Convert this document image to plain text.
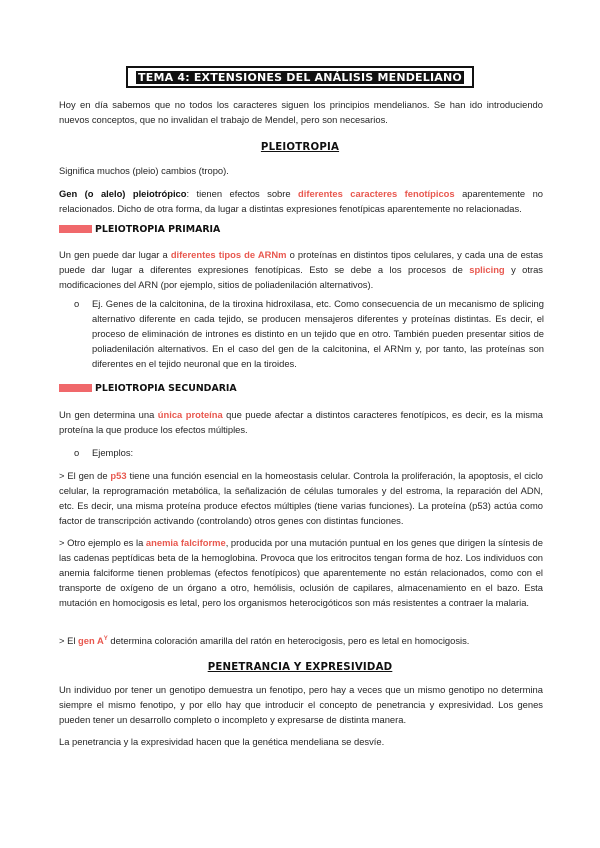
TEMA 4: EXTENSIONES DEL ANÁLISIS MENDELIANO

Hoy en día sabemos que no todos los caracteres siguen los principios mendelianos. Se han ido introduciendo nuevos conceptos, que no invalidan el trabajo de Mendel, pero son necesarios.

PLEIOTROPIA

Significa muchos (pleio) cambios (tropo).

Gen (o alelo) pleiotrópico: tienen efectos sobre diferentes caracteres fenotípicos aparentemente no relacionados. Dicho de otra forma, da lugar a distintas expresiones fenotípicas aparentemente no relacionadas.

PLEIOTROPIA PRIMARIA

Un gen puede dar lugar a diferentes tipos de ARNm o proteínas en distintos tipos celulares, y cada una de estas puede dar lugar a diferentes expresiones fenotípicas. Esto se debe a los procesos de splicing y otras modificaciones del ARN (por ejemplo, sitios de poliadenilación alternativos).

o Ej. Genes de la calcitonina, de la tiroxina hidroxilasa, etc. Como consecuencia de un mecanismo de splicing alternativo diferente en cada tejido, se producen mensajeros diferentes y proteínas distintas. Es decir, el proceso de eliminación de intrones es distinto en un tejido que en otro. También pueden presentar sitios de poliadenilación alternativos. En el caso del gen de la calcitonina, el ARNm y, por tanto, las proteínas son diferentes en el tejido neuronal que en la tiroides.
PLEIOTROPIA SECUNDARIA

Un gen determina una única proteína que puede afectar a distintos caracteres fenotípicos, es decir, es la misma proteína la que produce los efectos múltiples.

o Ejemplos:

> El gen de p53 tiene una función esencial en la homeostasis celular. Controla la proliferación, la apoptosis, el ciclo celular, la reprogramación metabólica, la señalización de células tumorales y del estroma, la reparación del ADN, etc. Es decir, una misma proteína produce efectos múltiples (tiene varias funciones). La proteína (p53) actúa como factor de transcripción activando (controlando) otros genes con distintas funciones.

> Otro ejemplo es la anemia falciforme, producida por una mutación puntual en los genes que dirigen la síntesis de las cadenas peptídicas beta de la hemoglobina. Provoca que los eritrocitos tengan forma de hoz. Los individuos con anemia falciforme tienen problemas (efectos fenotípicos) que aparentemente no están relacionados, como con el transporte de oxígeno de un órgano a otro, hemólisis, oclusión de capilares, almacenamiento en el bazo. Esta mutación en homocigosis es letal, pero los organismos heterocigóticos son más resistentes a contraer la malaria.

> El gen $A^Y$ determina coloración amarilla del ratón en heterocigosis, pero es letal en homocigosis.

PENETRANCIA Y EXPRESIVIDAD

Un individuo por tener un genotipo demuestra un fenotipo, pero hay a veces que un mismo genotipo no determina siempre el mismo fenotipo, y por ello hay que introducir el concepto de penetrancia y expresividad. Los genes pueden tener un desarrollo completo o incompleto y expresarse de distinta manera.

La penetrancia y la expresividad hacen que la genética mendeliana se desvíe.
